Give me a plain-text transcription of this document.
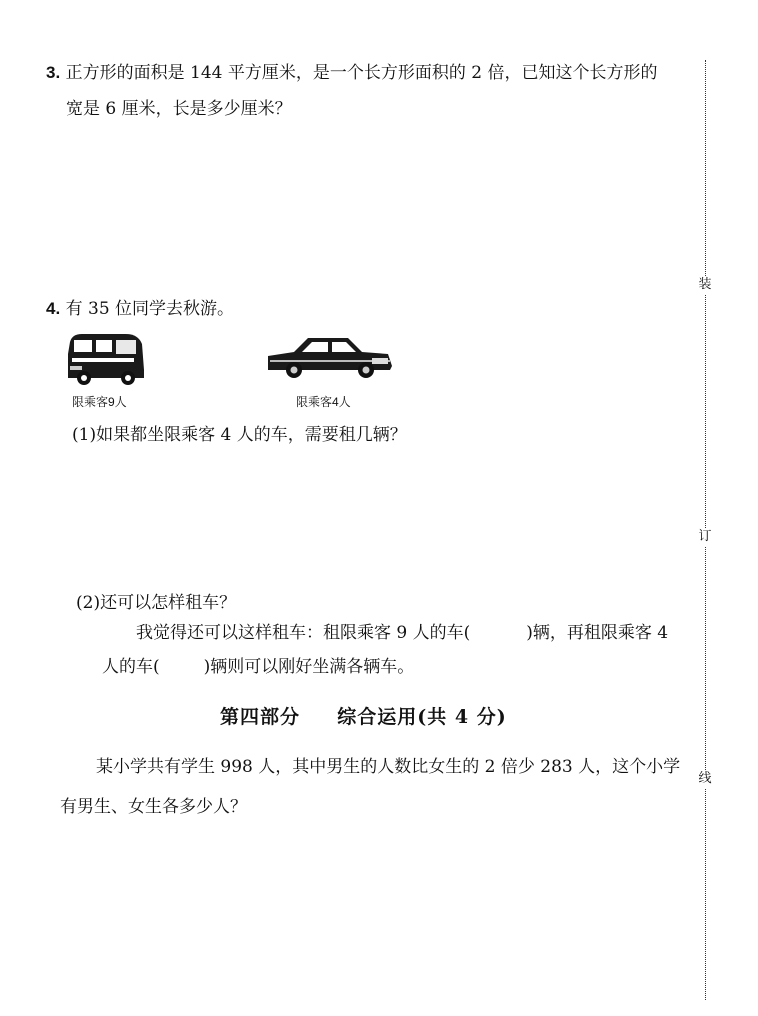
装
订
线
3. 正方形的面积是 144 平方厘米，是一个长方形面积的 2 倍，已知这个长方形的
宽是 6 厘米，长是多少厘米？
4. 有 35 位同学去秋游。
限乘客9人	限乘客4人
(1)如果都坐限乘客 4 人的车，需要租几辆？
(2)还可以怎样租车？
我觉得还可以这样租车：租限乘客 9 人的车(	)辆，再租限乘客 4
人的车(	)辆则可以刚好坐满各辆车。
第四部分 综合运用(共 4 分)
某小学共有学生 998 人，其中男生的人数比女生的 2 倍少 283 人，这个小学
有男生、女生各多少人？
